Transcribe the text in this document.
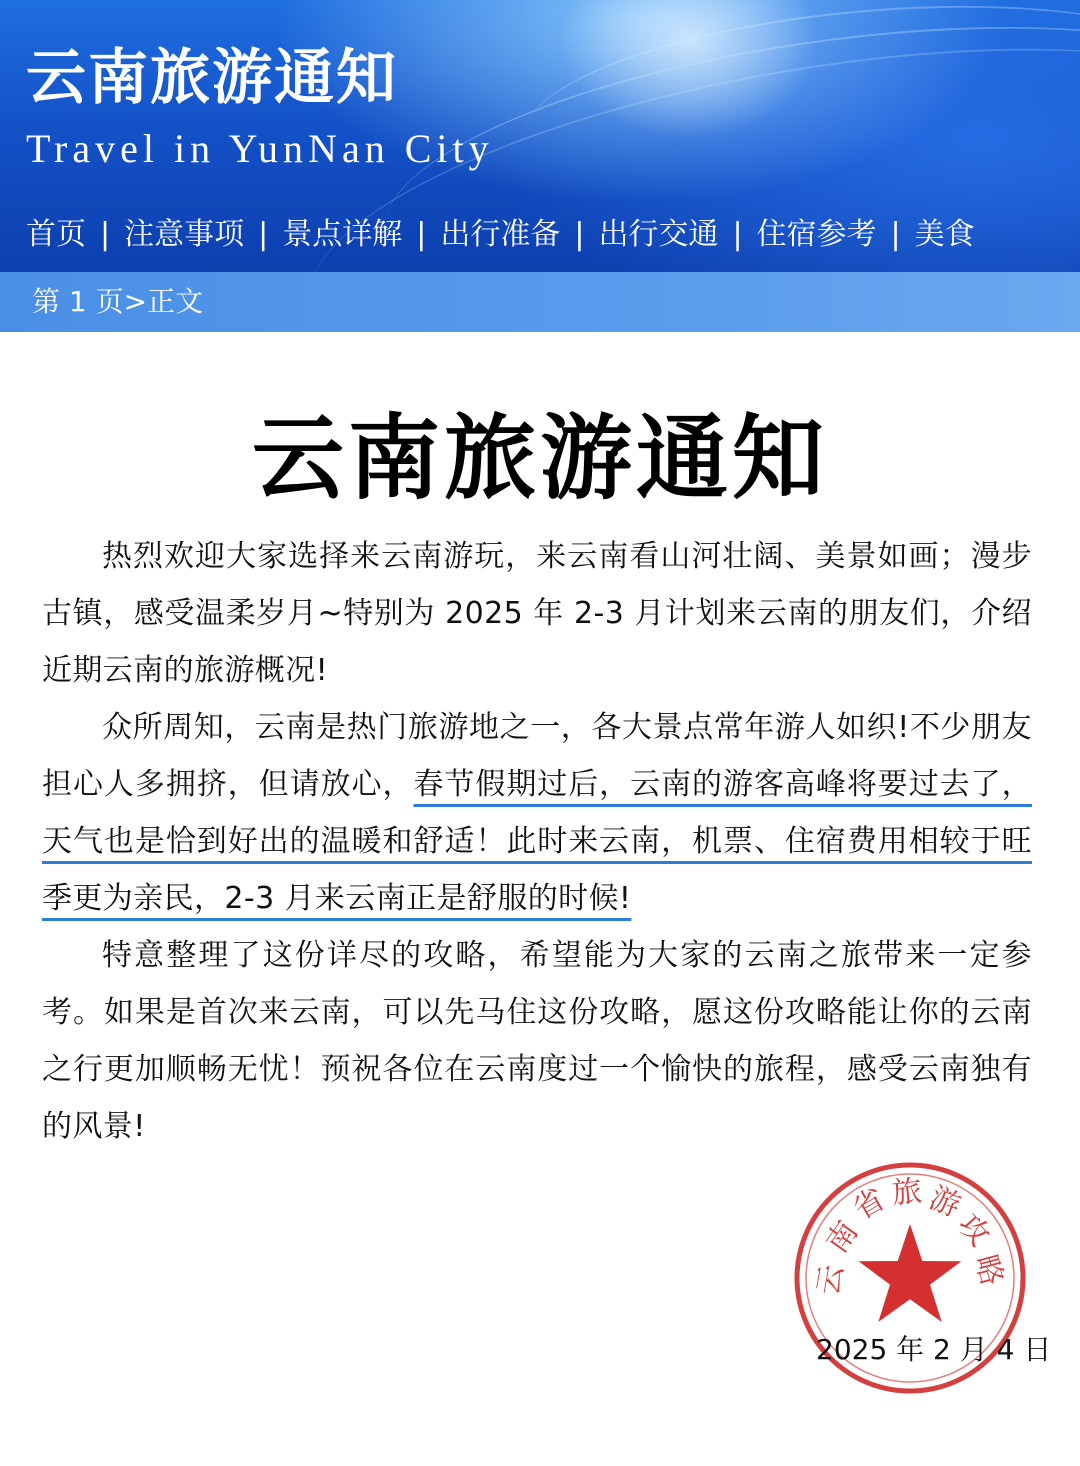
云南旅游通知
Travel in YunNan City
首页 | 注意事项 | 景点详解 | 出行准备 | 出行交通 | 住宿参考 | 美食
第 1 页>正文
云南旅游通知

热烈欢迎大家选择来云南游玩，来云南看山河壮阔、美景如画；漫步古镇，感受温柔岁月~特别为 2025 年 2-3 月计划来云南的朋友们，介绍近期云南的旅游概况!

众所周知，云南是热门旅游地之一，各大景点常年游人如织!不少朋友担心人多拥挤，但请放心，春节假期过后，云南的游客高峰将要过去了，天气也是恰到好出的温暖和舒适！此时来云南，机票、住宿费用相较于旺季更为亲民，2-3 月来云南正是舒服的时候!

特意整理了这份详尽的攻略，希望能为大家的云南之旅带来一定参考。如果是首次来云南，可以先马住这份攻略，愿这份攻略能让你的云南之行更加顺畅无忧！预祝各位在云南度过一个愉快的旅程，感受云南独有的风景!

云
南
省 旅 游
攻
略
2025 年 2 月 4 日
